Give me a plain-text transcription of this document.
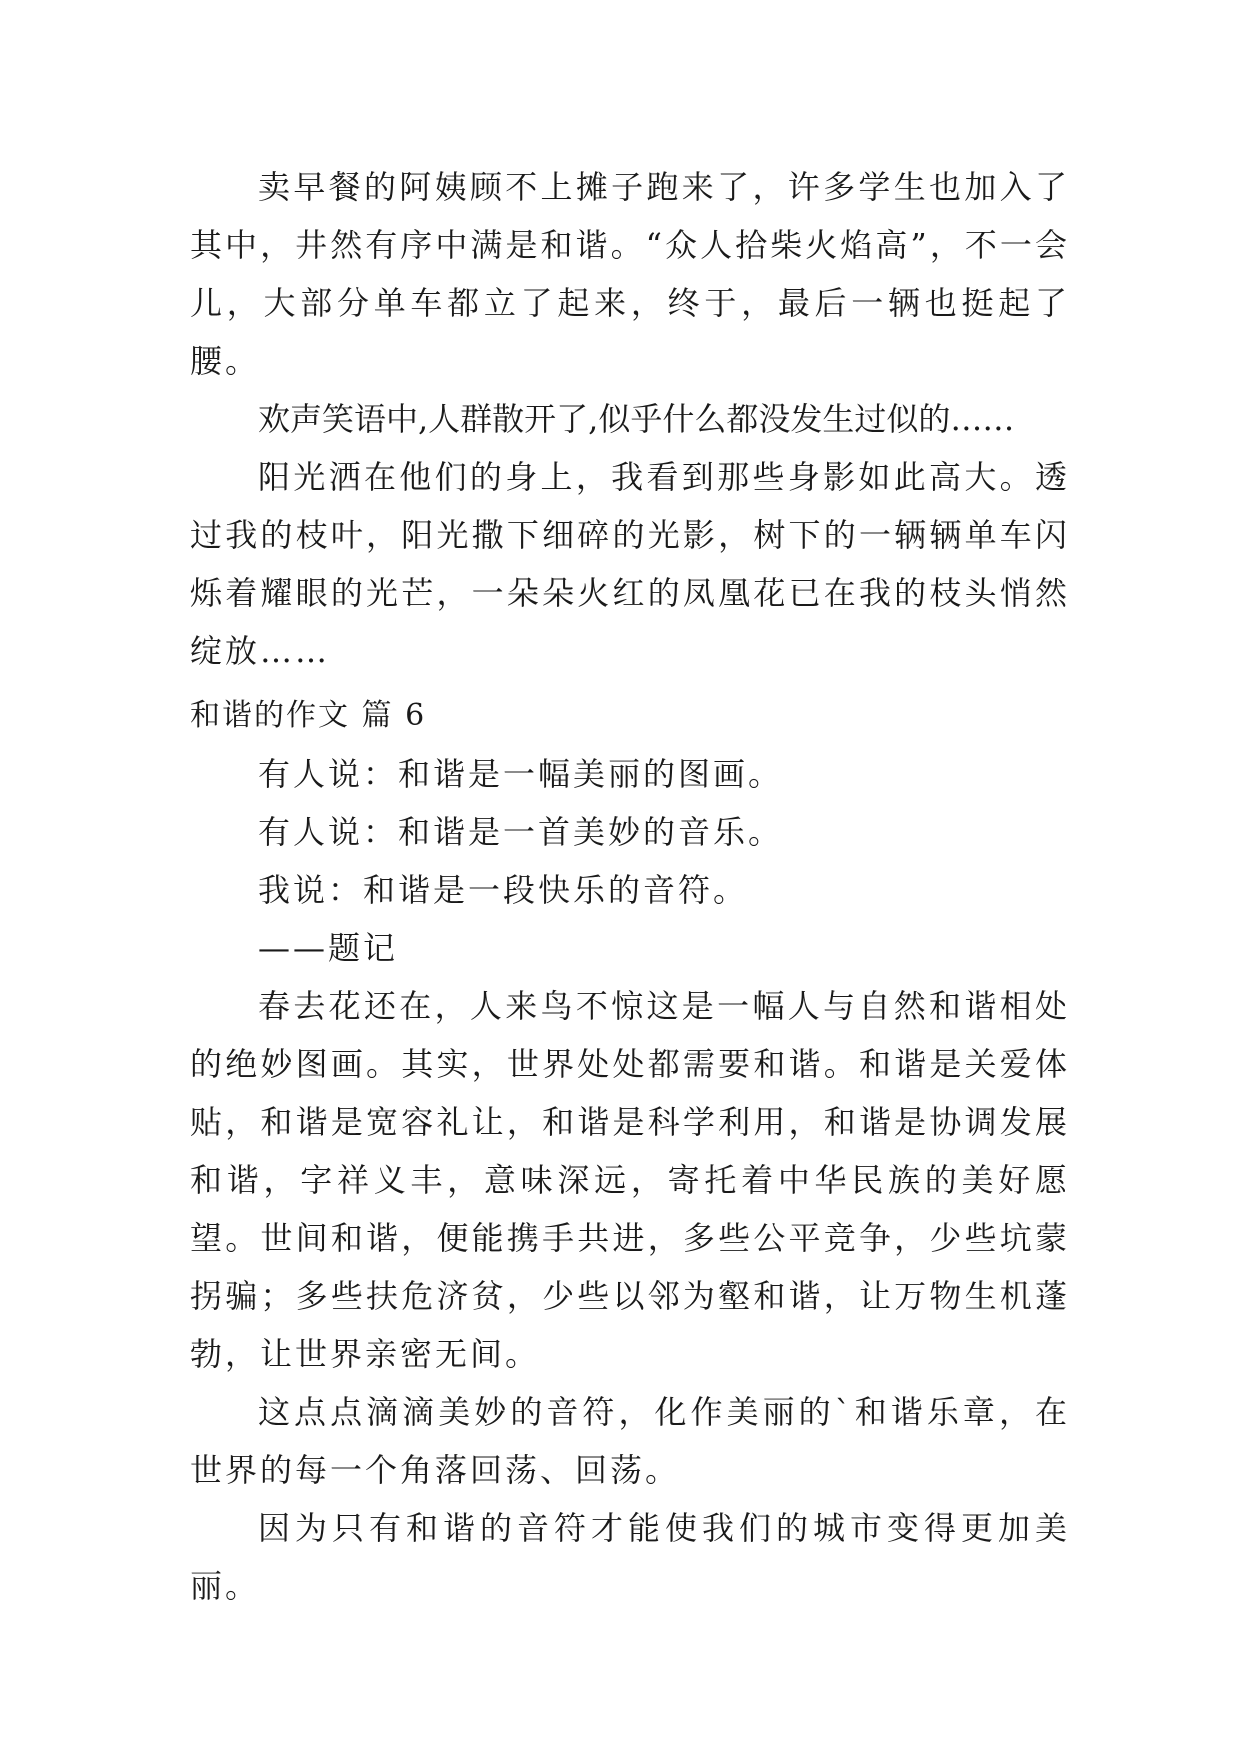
卖早餐的阿姨顾不上摊子跑来了，许多学生也加入了其中，井然有序中满是和谐。“众人拾柴火焰高”，不一会儿，大部分单车都立了起来，终于，最后一辆也挺起了腰。

欢声笑语中,人群散开了,似乎什么都没发生过似的……

阳光洒在他们的身上，我看到那些身影如此高大。透过我的枝叶，阳光撒下细碎的光影，树下的一辆辆单车闪烁着耀眼的光芒，一朵朵火红的凤凰花已在我的枝头悄然绽放……

和谐的作文 篇 6

有人说：和谐是一幅美丽的图画。

有人说：和谐是一首美妙的音乐。

我说：和谐是一段快乐的音符。

——题记

春去花还在，人来鸟不惊这是一幅人与自然和谐相处的绝妙图画。其实，世界处处都需要和谐。和谐是关爱体贴，和谐是宽容礼让，和谐是科学利用，和谐是协调发展和谐，字祥义丰，意味深远，寄托着中华民族的美好愿望。世间和谐，便能携手共进，多些公平竞争，少些坑蒙拐骗；多些扶危济贫，少些以邻为壑和谐，让万物生机蓬勃，让世界亲密无间。

这点点滴滴美妙的音符，化作美丽的`和谐乐章，在世界的每一个角落回荡、回荡。

因为只有和谐的音符才能使我们的城市变得更加美丽。
